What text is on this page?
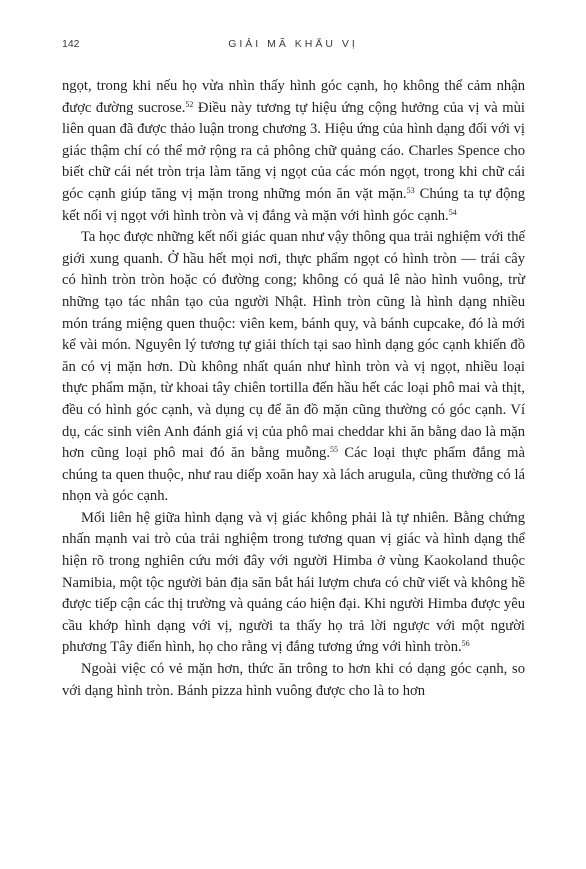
142	GIẢI MÃ KHẨU VỊ

ngọt, trong khi nếu họ vừa nhìn thấy hình góc cạnh, họ không thể cảm nhận được đường sucrose.$^{52}$ Điều này tương tự hiệu ứng cộng hưởng của vị và mùi liên quan đã được thảo luận trong chương 3. Hiệu ứng của hình dạng đối với vị giác thậm chí có thể mở rộng ra cả phông chữ quảng cáo. Charles Spence cho biết chữ cái nét tròn trịa làm tăng vị ngọt của các món ngọt, trong khi chữ cái góc cạnh giúp tăng vị mặn trong những món ăn vặt mặn.$^{53}$ Chúng ta tự động kết nối vị ngọt với hình tròn và vị đắng và mặn với hình góc cạnh.$^{54}$

Ta học được những kết nối giác quan như vậy thông qua trải nghiệm với thế giới xung quanh. Ở hầu hết mọi nơi, thực phẩm ngọt có hình tròn — trái cây có hình tròn tròn hoặc có đường cong; không có quả lê nào hình vuông, trừ những tạo tác nhân tạo của người Nhật. Hình tròn cũng là hình dạng nhiều món tráng miệng quen thuộc: viên kem, bánh quy, và bánh cupcake, đó là mới kể vài món. Nguyên lý tương tự giải thích tại sao hình dạng góc cạnh khiến đồ ăn có vị mặn hơn. Dù không nhất quán như hình tròn và vị ngọt, nhiều loại thực phẩm mặn, từ khoai tây chiên tortilla đến hầu hết các loại phô mai và thịt, đều có hình góc cạnh, và dụng cụ để ăn đồ mặn cũng thường có góc cạnh. Ví dụ, các sinh viên Anh đánh giá vị của phô mai cheddar khi ăn bằng dao là mặn hơn cũng loại phô mai đó ăn bằng muỗng.$^{55}$ Các loại thực phẩm đắng mà chúng ta quen thuộc, như rau diếp xoăn hay xà lách arugula, cũng thường có lá nhọn và góc cạnh.

Mối liên hệ giữa hình dạng và vị giác không phải là tự nhiên. Bằng chứng nhấn mạnh vai trò của trải nghiệm trong tương quan vị giác và hình dạng thể hiện rõ trong nghiên cứu mới đây với người Himba ở vùng Kaokoland thuộc Namibia, một tộc người bản địa săn bắt hái lượm chưa có chữ viết và không hề được tiếp cận các thị trường và quảng cáo hiện đại. Khi người Himba được yêu cầu khớp hình dạng với vị, người ta thấy họ trả lời ngược với một người phương Tây điển hình, họ cho rằng vị đắng tương ứng với hình tròn.$^{56}$

Ngoài việc có vẻ mặn hơn, thức ăn trông to hơn khi có dạng góc cạnh, so với dạng hình tròn. Bánh pizza hình vuông được cho là to hơn
